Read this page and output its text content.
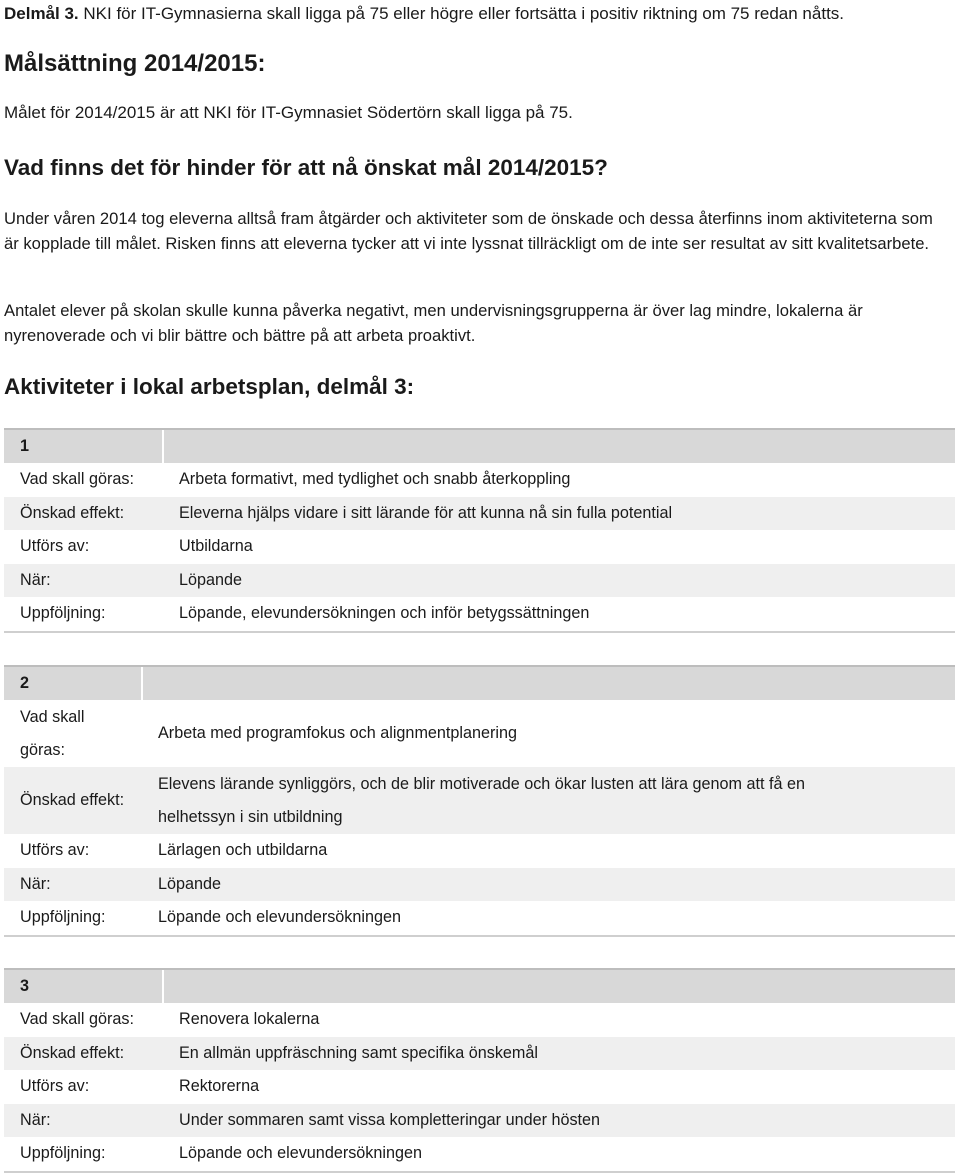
Delmål 3. NKI för IT-Gymnasierna skall ligga på 75 eller högre eller fortsätta i positiv riktning om 75 redan nåtts.
Målsättning 2014/2015:
Målet för 2014/2015 är att NKI för IT-Gymnasiet Södertörn skall ligga på 75.
Vad finns det för hinder för att nå önskat mål 2014/2015?
Under våren 2014 tog eleverna alltså fram åtgärder och aktiviteter som de önskade och dessa återfinns inom aktiviteterna som är kopplade till målet. Risken finns att eleverna tycker att vi inte lyssnat tillräckligt om de inte ser resultat av sitt kvalitetsarbete.
Antalet elever på skolan skulle kunna påverka negativt, men undervisningsgrupperna är över lag mindre, lokalerna är nyrenoverade och vi blir bättre och bättre på att arbeta proaktivt.
Aktiviteter i lokal arbetsplan, delmål 3:
1	
Vad skall göras:	Arbeta formativt, med tydlighet och snabb återkoppling
Önskad effekt:	Eleverna hjälps vidare i sitt lärande för att kunna nå sin fulla potential
Utförs av:	Utbildarna
När:	Löpande
Uppföljning:	Löpande, elevundersökningen och inför betygssättningen
2	
Vad skall göras:	Arbeta med programfokus och alignmentplanering
Önskad effekt:	Elevens lärande synliggörs, och de blir motiverade och ökar lusten att lära genom att få en helhetssyn i sin utbildning
Utförs av:	Lärlagen och utbildarna
När:	Löpande
Uppföljning:	Löpande och elevundersökningen
3	
Vad skall göras:	Renovera lokalerna
Önskad effekt:	En allmän uppfräschning samt specifika önskemål
Utförs av:	Rektorerna
När:	Under sommaren samt vissa kompletteringar under hösten
Uppföljning:	Löpande och elevundersökningen
